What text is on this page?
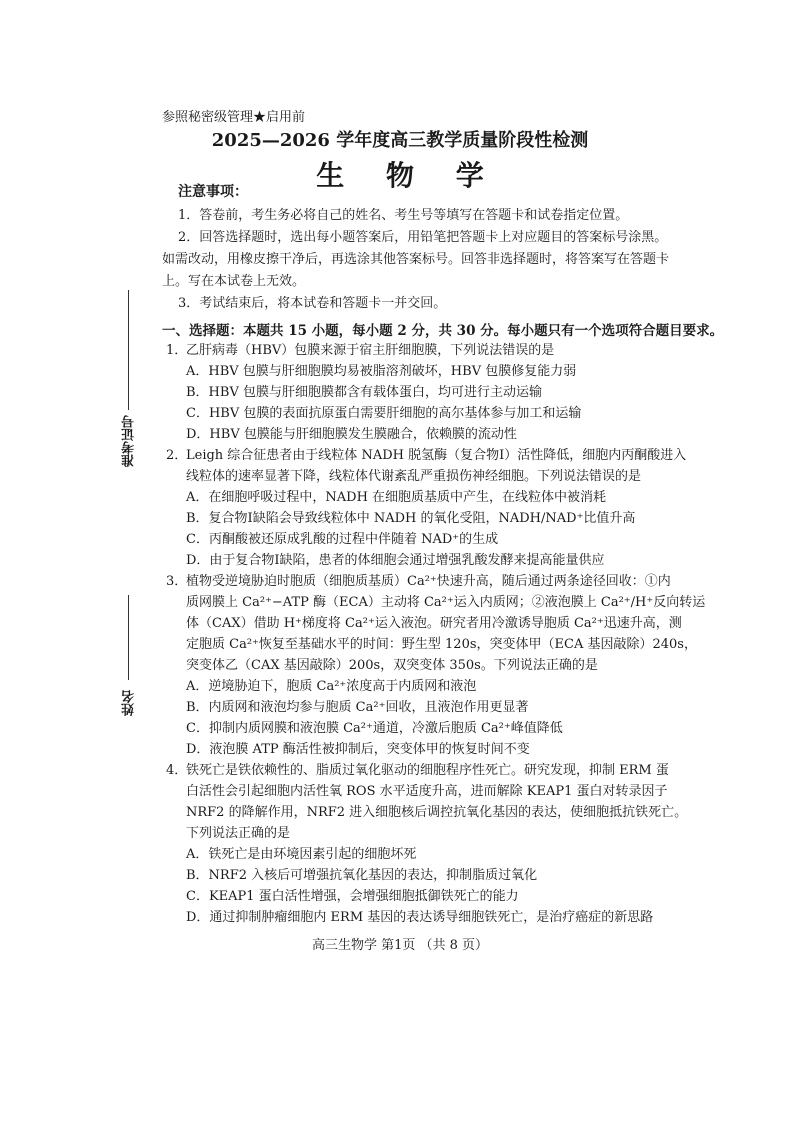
准考证号
姓名
参照秘密级管理★启用前
2025—2026 学年度高三教学质量阶段性检测
生 物 学
注意事项：
1．答卷前，考生务必将自己的姓名、考生号等填写在答题卡和试卷指定位置。
2．回答选择题时，选出每小题答案后，用铅笔把答题卡上对应题目的答案标号涂黑。
如需改动，用橡皮擦干净后，再选涂其他答案标号。回答非选择题时，将答案写在答题卡
上。写在本试卷上无效。
3．考试结束后，将本试卷和答题卡一并交回。
一、选择题：本题共 15 小题，每小题 2 分，共 30 分。每小题只有一个选项符合题目要求。
1．
乙肝病毒（HBV）包膜来源于宿主肝细胞膜，下列说法错误的是
A．HBV 包膜与肝细胞膜均易被脂溶剂破坏，HBV 包膜修复能力弱
B．HBV 包膜与肝细胞膜都含有载体蛋白，均可进行主动运输
C．HBV 包膜的表面抗原蛋白需要肝细胞的高尔基体参与加工和运输
D．HBV 包膜能与肝细胞膜发生膜融合，依赖膜的流动性
2．
Leigh 综合征患者由于线粒体 NADH 脱氢酶（复合物Ⅰ）活性降低，细胞内丙酮酸进入
线粒体的速率显著下降，线粒体代谢紊乱严重损伤神经细胞。下列说法错误的是
A．在细胞呼吸过程中，NADH 在细胞质基质中产生，在线粒体中被消耗
B．复合物Ⅰ缺陷会导致线粒体中 NADH 的氧化受阻，NADH/NAD⁺比值升高
C．丙酮酸被还原成乳酸的过程中伴随着 NAD⁺的生成
D．由于复合物Ⅰ缺陷，患者的体细胞会通过增强乳酸发酵来提高能量供应
3．
植物受逆境胁迫时胞质（细胞质基质）Ca²⁺快速升高，随后通过两条途径回收：①内
质网膜上 Ca²⁺−ATP 酶（ECA）主动将 Ca²⁺运入内质网；②液泡膜上 Ca²⁺/H⁺反向转运
体（CAX）借助 H⁺梯度将 Ca²⁺运入液泡。研究者用冷激诱导胞质 Ca²⁺迅速升高，测
定胞质 Ca²⁺恢复至基础水平的时间：野生型 120s，突变体甲（ECA 基因敲除）240s，
突变体乙（CAX 基因敲除）200s，双突变体 350s。下列说法正确的是
A．逆境胁迫下，胞质 Ca²⁺浓度高于内质网和液泡
B．内质网和液泡均参与胞质 Ca²⁺回收，且液泡作用更显著
C．抑制内质网膜和液泡膜 Ca²⁺通道，冷激后胞质 Ca²⁺峰值降低
D．液泡膜 ATP 酶活性被抑制后，突变体甲的恢复时间不变
4．
铁死亡是铁依赖性的、脂质过氧化驱动的细胞程序性死亡。研究发现，抑制 ERM 蛋
白活性会引起细胞内活性氧 ROS 水平适度升高，进而解除 KEAP1 蛋白对转录因子
NRF2 的降解作用，NRF2 进入细胞核后调控抗氧化基因的表达，使细胞抵抗铁死亡。
下列说法正确的是
A．铁死亡是由环境因素引起的细胞坏死
B．NRF2 入核后可增强抗氧化基因的表达，抑制脂质过氧化
C．KEAP1 蛋白活性增强，会增强细胞抵御铁死亡的能力
D．通过抑制肿瘤细胞内 ERM 基因的表达诱导细胞铁死亡，是治疗癌症的新思路
高三生物学 第1页 （共 8 页）
